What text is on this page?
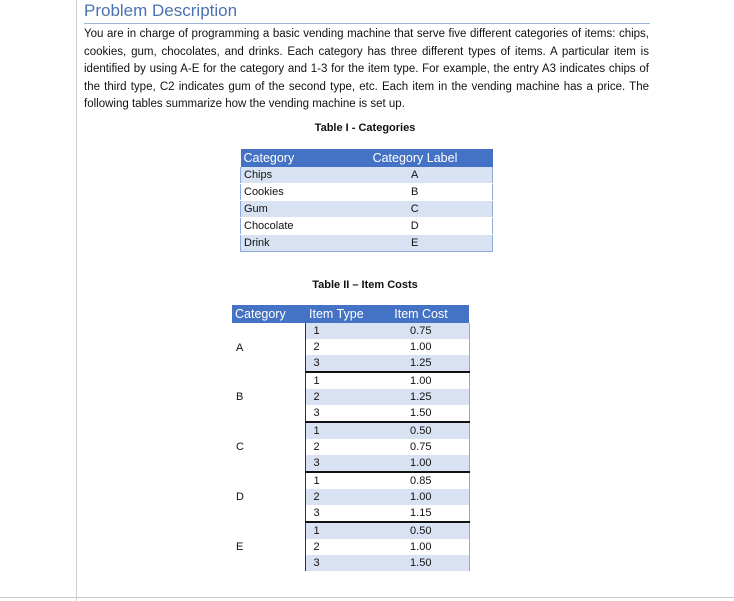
Problem Description

You are in charge of programming a basic vending machine that serve five different categories of items: chips, cookies, gum, chocolates, and drinks. Each category has three different types of items. A particular item is identified by using A-E for the category and 1-3 for the item type. For example, the entry A3 indicates chips of the third type, C2 indicates gum of the second type, etc. Each item in the vending machine has a price. The following tables summarize how the vending machine is set up.

Table I - Categories
Category	Category Label
Chips	A
Cookies	B
Gum	C
Chocolate	D
Drink	E
Table II – Item Costs
Category	Item Type	Item Cost
A	1	0.75
	2	1.00
	3	1.25
B	1	1.00
	2	1.25
	3	1.50
C	1	0.50
	2	0.75
	3	1.00
D	1	0.85
	2	1.00
	3	1.15
E	1	0.50
	2	1.00
	3	1.50
